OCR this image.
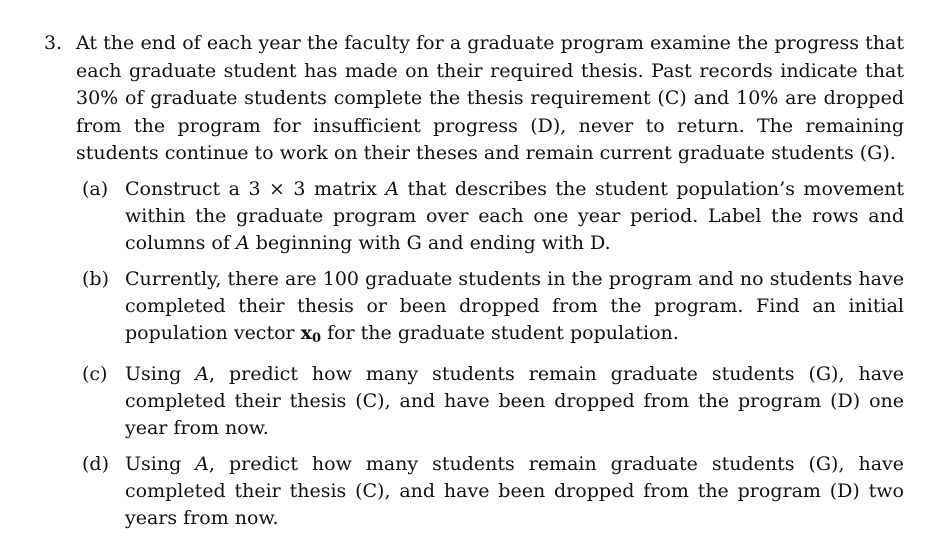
3. At the end of each year the faculty for a graduate program examine the progress that each graduate student has made on their required thesis. Past records indicate that 30% of graduate students complete the thesis requirement (C) and 10% are dropped from the program for insufficient progress (D), never to return. The remaining students continue to work on their theses and remain current graduate students (G).
(a) Construct a 3 × 3 matrix A that describes the student population’s movement within the graduate program over each one year period. Label the rows and columns of A beginning with G and ending with D.
(b) Currently, there are 100 graduate students in the program and no students have completed their thesis or been dropped from the program. Find an initial population vector $x_0$ for the graduate student population.
(c) Using A, predict how many students remain graduate students (G), have completed their thesis (C), and have been dropped from the program (D) one year from now.
(d) Using A, predict how many students remain graduate students (G), have completed their thesis (C), and have been dropped from the program (D) two years from now.
